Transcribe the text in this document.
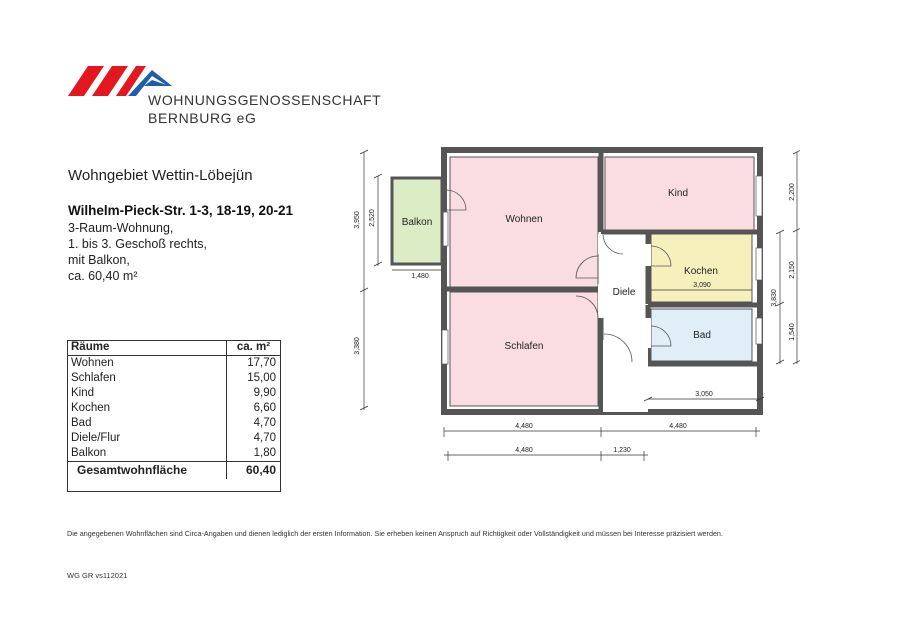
WOHNUNGSGENOSSENSCHAFT
BERNBURG eG
Wohngebiet Wettin-Löbejün
Wilhelm-Pieck-Str. 1-3, 18-19, 20-21
3-Raum-Wohnung,
1. bis 3. Geschoß rechts,
mit Balkon,
ca. 60,40 m²
Räume	ca. m²
Wohnen	17,70
Schlafen	15,00
Kind	9,90
Kochen	6,60
Bad	4,70
Diele/Flur	4,70
Balkon	1,80
Gesamtwohnfläche	60,40
Wohnen
Kind
Balkon
Kochen
Diele
Schlafen
Bad
3,950 2,520
3,380
1,480
3,090
2,200
2,150
3,830
1,540
3,050
4,480	4,480
4,480	1,230
Die angegebenen Wohnflächen sind Circa-Angaben und dienen lediglich der ersten Information. Sie erheben keinen Anspruch auf Richtigkeit oder Vollständigkeit und müssen bei Interesse präzisiert werden.
WG GR vs112021
